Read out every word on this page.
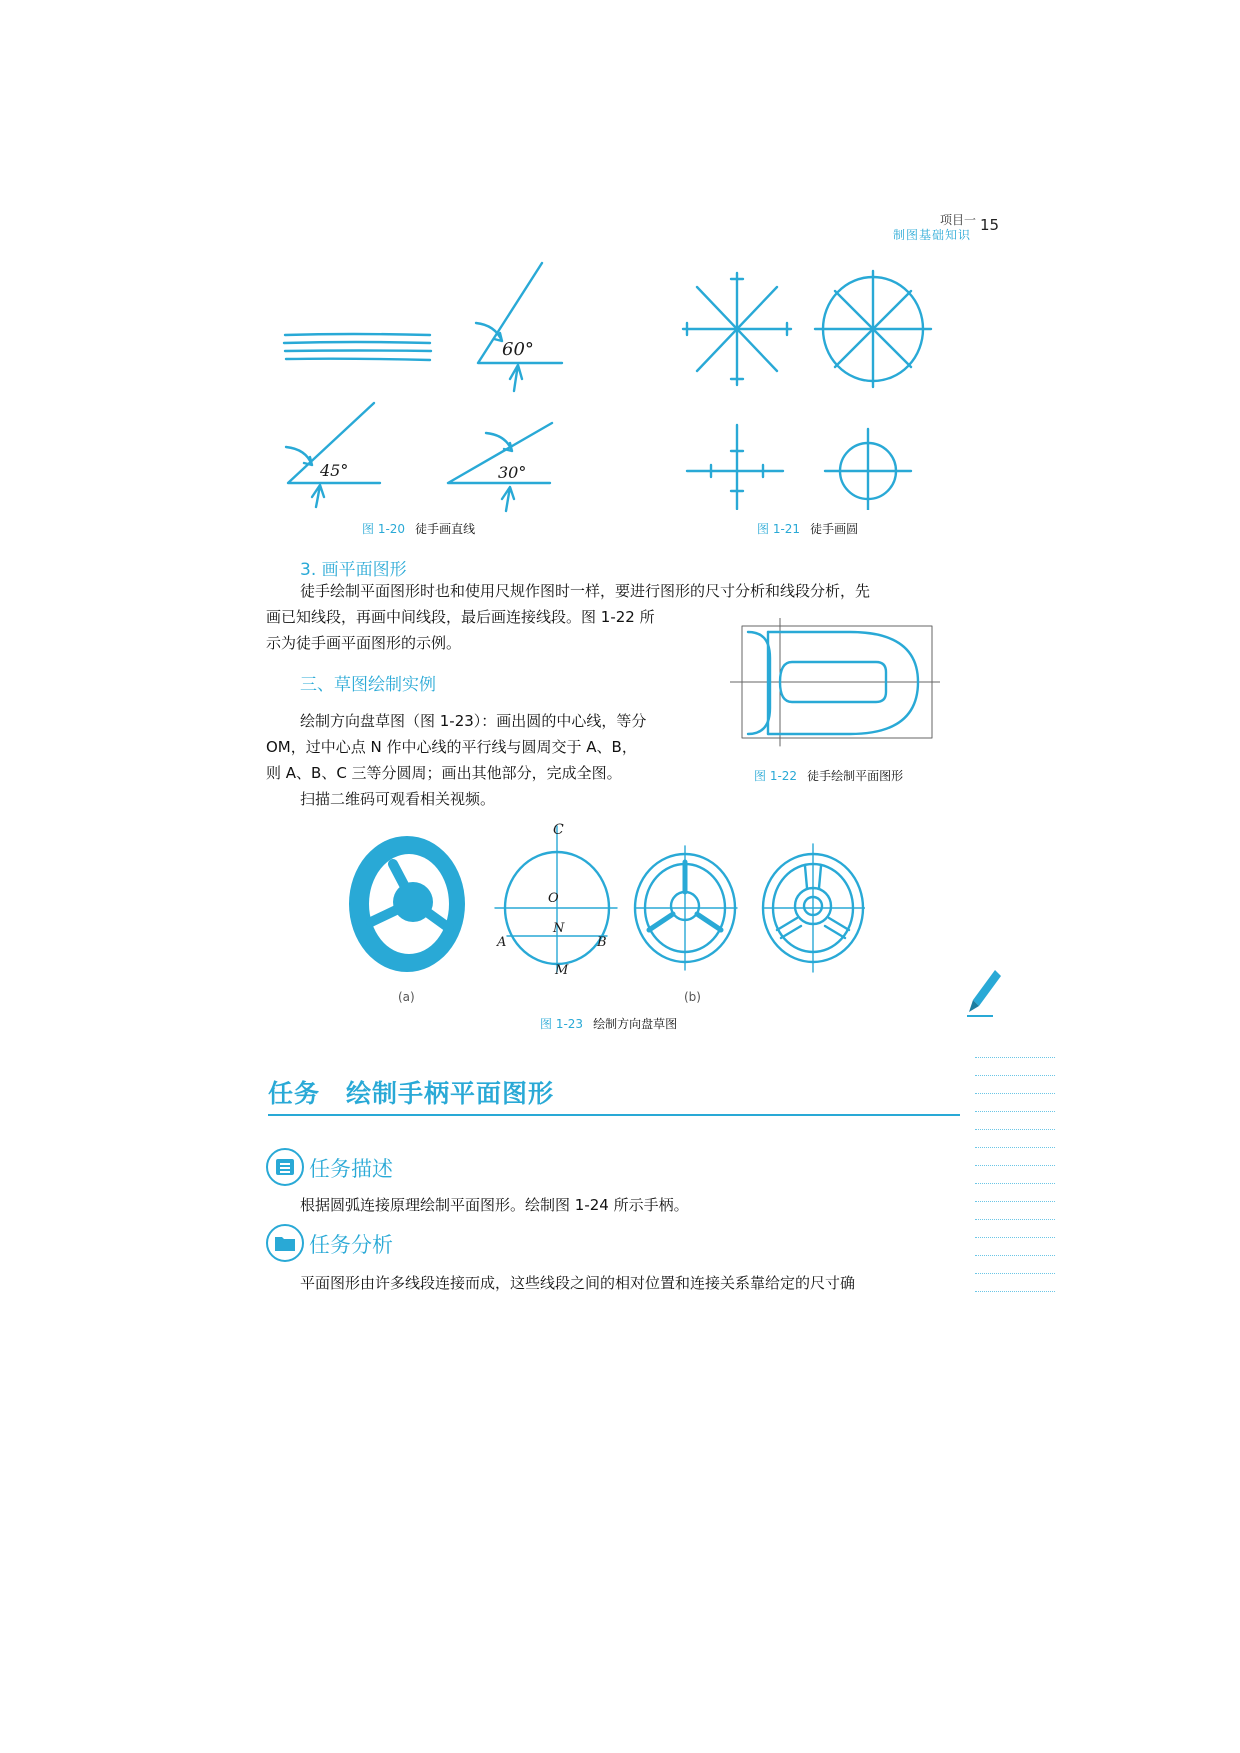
项目一
制图基础知识
15
60°
45°	30°
图 1-20 徒手画直线	图 1-21 徒手画圆
3. 画平面图形
徒手绘制平面图形时也和使用尺规作图时一样，要进行图形的尺寸分析和线段分析，先
画已知线段，再画中间线段，最后画连接线段。图 1-22 所
示为徒手画平面图形的示例。
图 1-22 徒手绘制平面图形
三、草图绘制实例
绘制方向盘草图（图 1-23）：画出圆的中心线，等分
OM，过中心点 N 作中心线的平行线与圆周交于 A、B，
则 A、B、C 三等分圆周；画出其他部分，完成全图。
扫描二维码可观看相关视频。
C
O
A
N
B
M
(a)	(b)
图 1-23 绘制方向盘草图
任务　绘制手柄平面图形
任务描述
根据圆弧连接原理绘制平面图形。绘制图 1-24 所示手柄。
任务分析
平面图形由许多线段连接而成，这些线段之间的相对位置和连接关系靠给定的尺寸确
